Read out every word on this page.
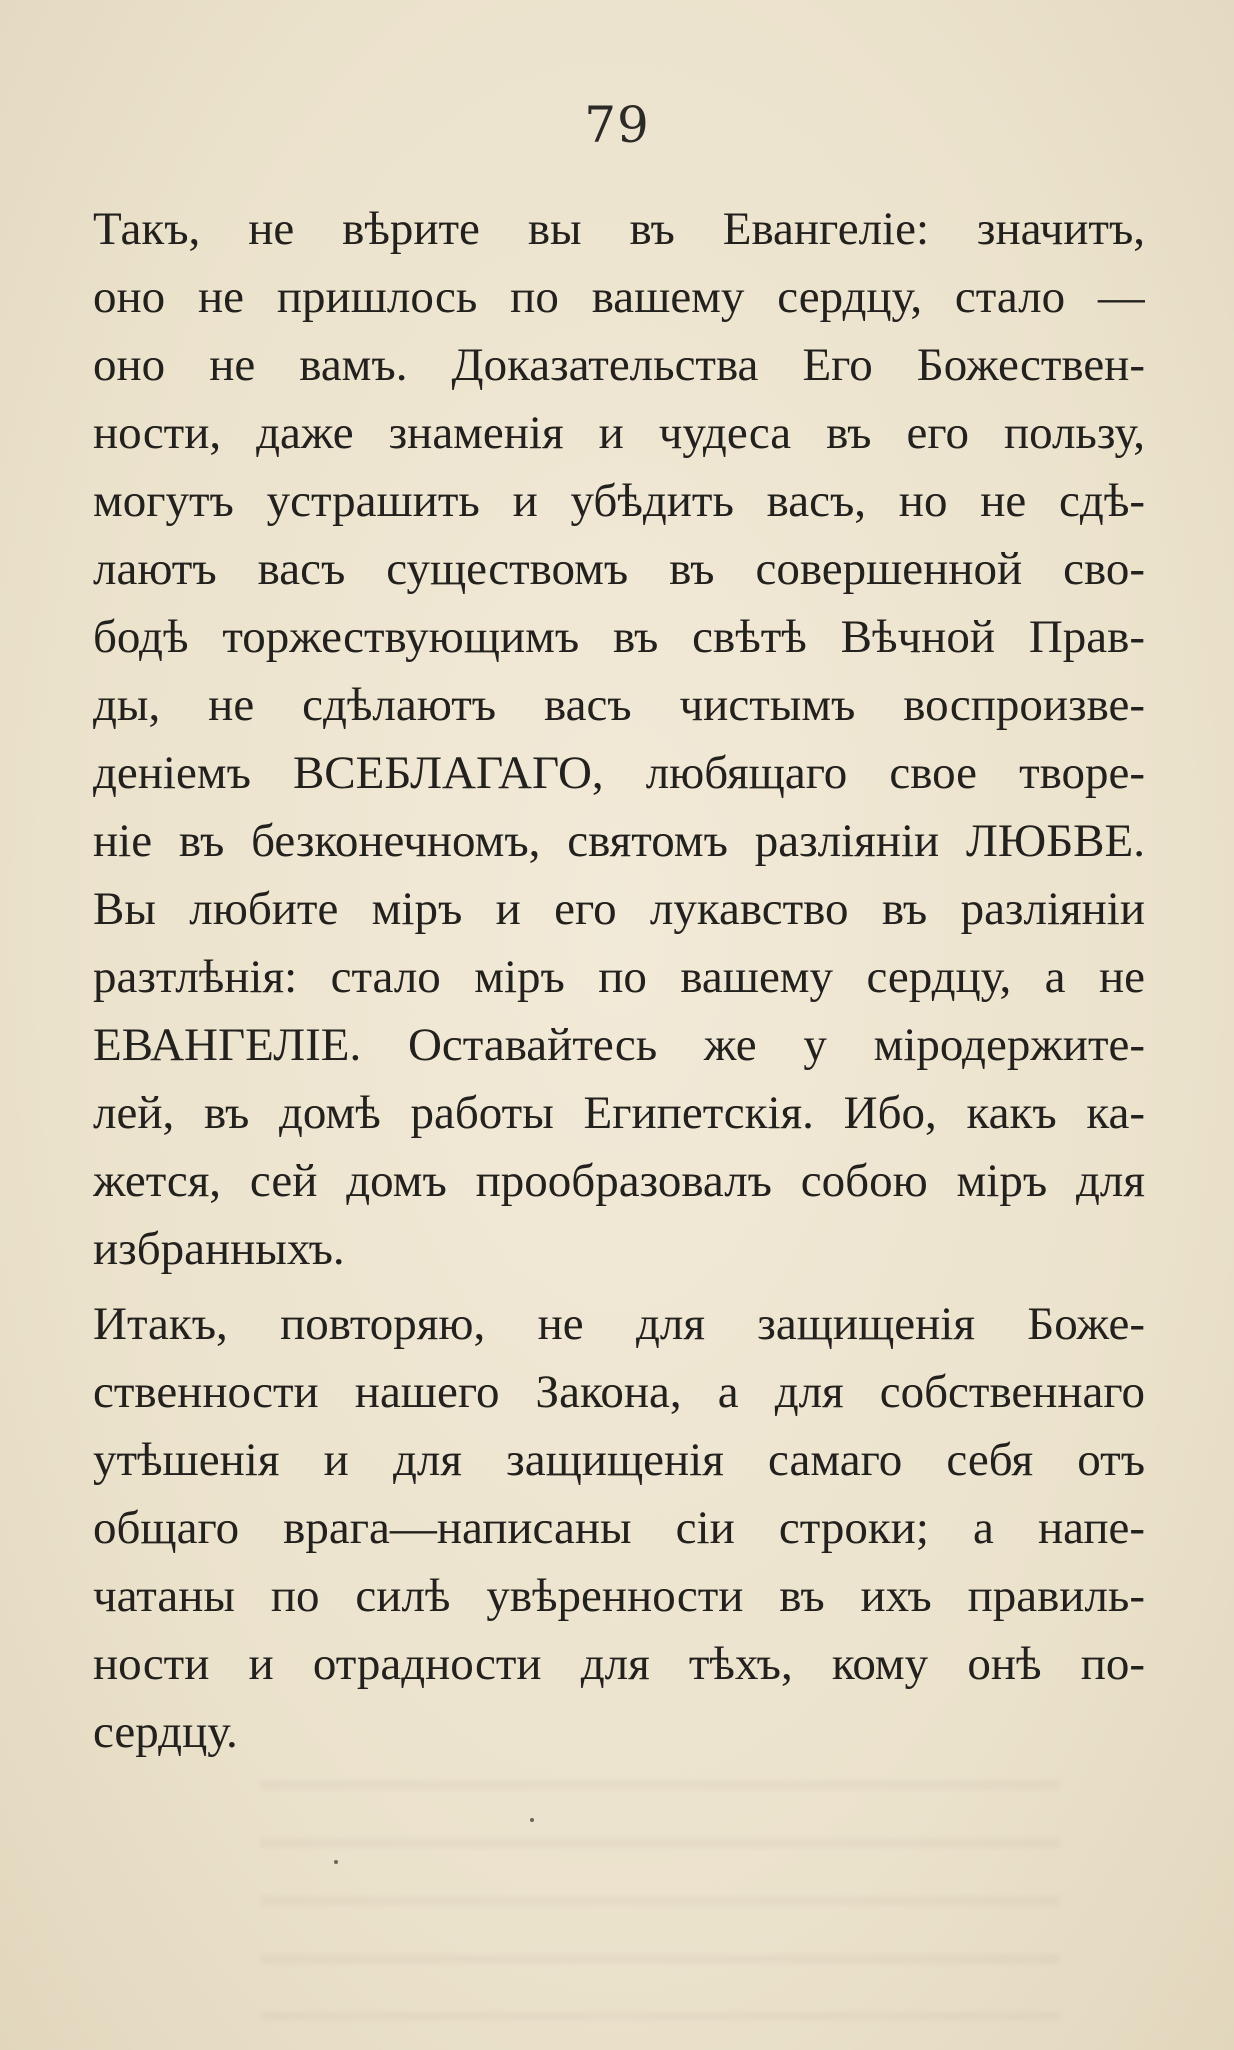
79
Такъ, не вѣрите вы въ Евангеліе: значитъ,
оно не пришлось по вашему сердцу, стало —
оно не вамъ. Доказательства Его Божествен-
ности, даже знаменія и чудеса въ его пользу,
могутъ устрашить и убѣдить васъ, но не сдѣ-
лаютъ васъ существомъ въ совершенной сво-
бодѣ торжествующимъ въ свѣтѣ Вѣчной Прав-
ды, не сдѣлаютъ васъ чистымъ воспроизве-
деніемъ ВСЕБЛАГАГО, любящаго свое творе-
ніе въ безконечномъ, святомъ разліяніи ЛЮБВЕ.
Вы любите міръ и его лукавство въ разліяніи
разтлѣнія: стало міръ по вашему сердцу, а не
ЕВАНГЕЛІЕ. Оставайтесь же у міродержите-
лей, въ домѣ работы Египетскія. Ибо, какъ ка-
жется, сей домъ прообразовалъ собою міръ для
избранныхъ.
Итакъ, повторяю, не для защищенія Боже-
ственности нашего Закона, а для собственнаго
утѣшенія и для защищенія самаго себя отъ
общаго врага—написаны сіи строки; а напе-
чатаны по силѣ увѣренности въ ихъ правиль-
ности и отрадности для тѣхъ, кому онѣ по-
сердцу.
